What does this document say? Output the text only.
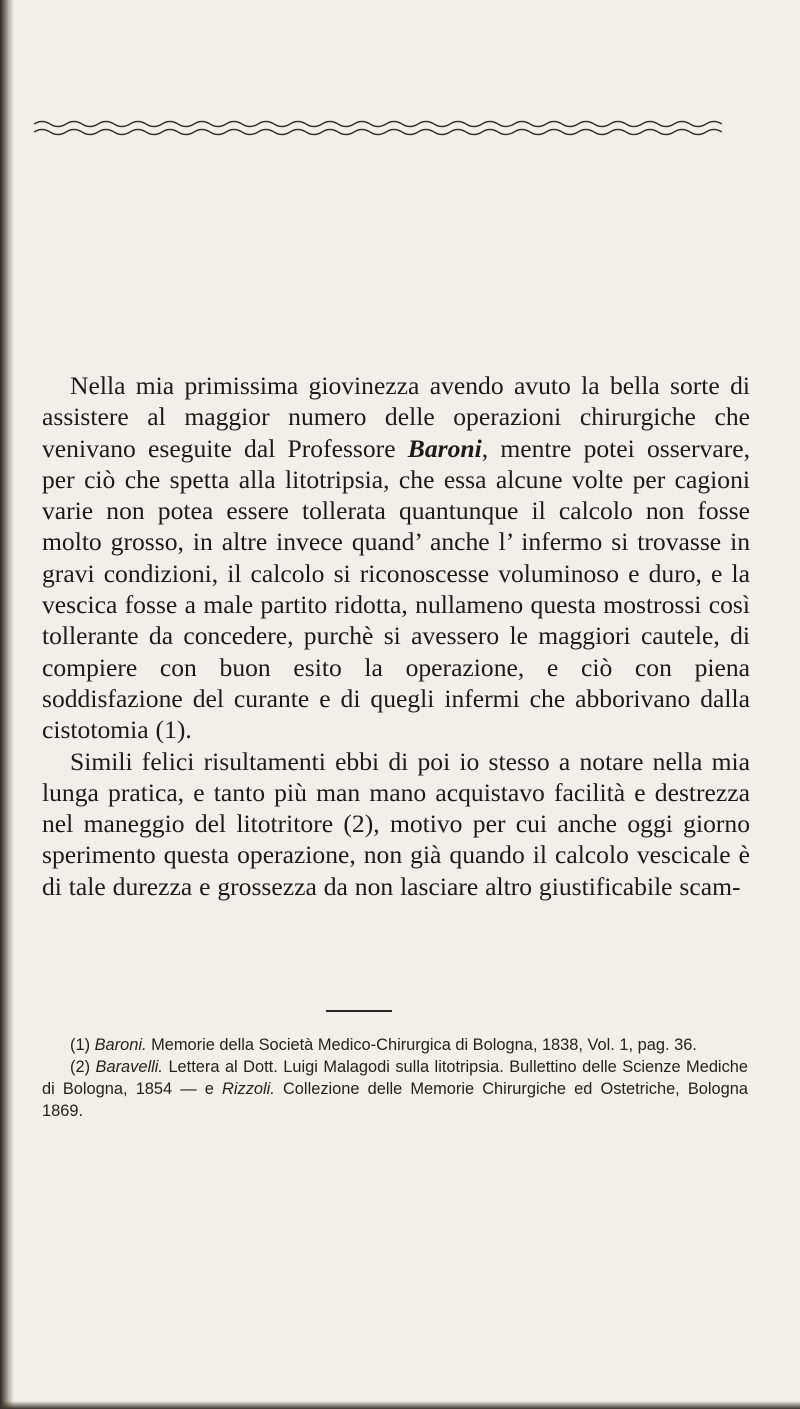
Nella mia primissima giovinezza avendo avuto la bella sorte di assistere al maggior numero delle operazioni chirurgiche che venivano eseguite dal Professore Baroni, mentre potei osservare, per ciò che spetta alla litotripsia, che essa alcune volte per cagioni varie non potea essere tollerata quantunque il calcolo non fosse molto grosso, in altre invece quand’ anche l’ infermo si trovasse in gravi condizioni, il calcolo si riconoscesse voluminoso e duro, e la vescica fosse a male partito ridotta, nullameno questa mostrossi così tollerante da concedere, purchè si avessero le maggiori cautele, di compiere con buon esito la operazione, e ciò con piena soddisfazione del curante e di quegli infermi che abborivano dalla cistotomia (1).

Simili felici risultamenti ebbi di poi io stesso a notare nella mia lunga pratica, e tanto più man mano acquistavo facilità e destrezza nel maneggio del litotritore (2), motivo per cui anche oggi giorno sperimento questa operazione, non già quando il calcolo vescicale è di tale durezza e grossezza da non lasciare altro giustificabile scam-

(1) Baroni. Memorie della Società Medico-Chirurgica di Bologna, 1838, Vol. 1, pag. 36.

(2) Baravelli. Lettera al Dott. Luigi Malagodi sulla litotripsia. Bullettino delle Scienze Mediche di Bologna, 1854 — e Rizzoli. Collezione delle Memorie Chirurgiche ed Ostetriche, Bologna 1869.
